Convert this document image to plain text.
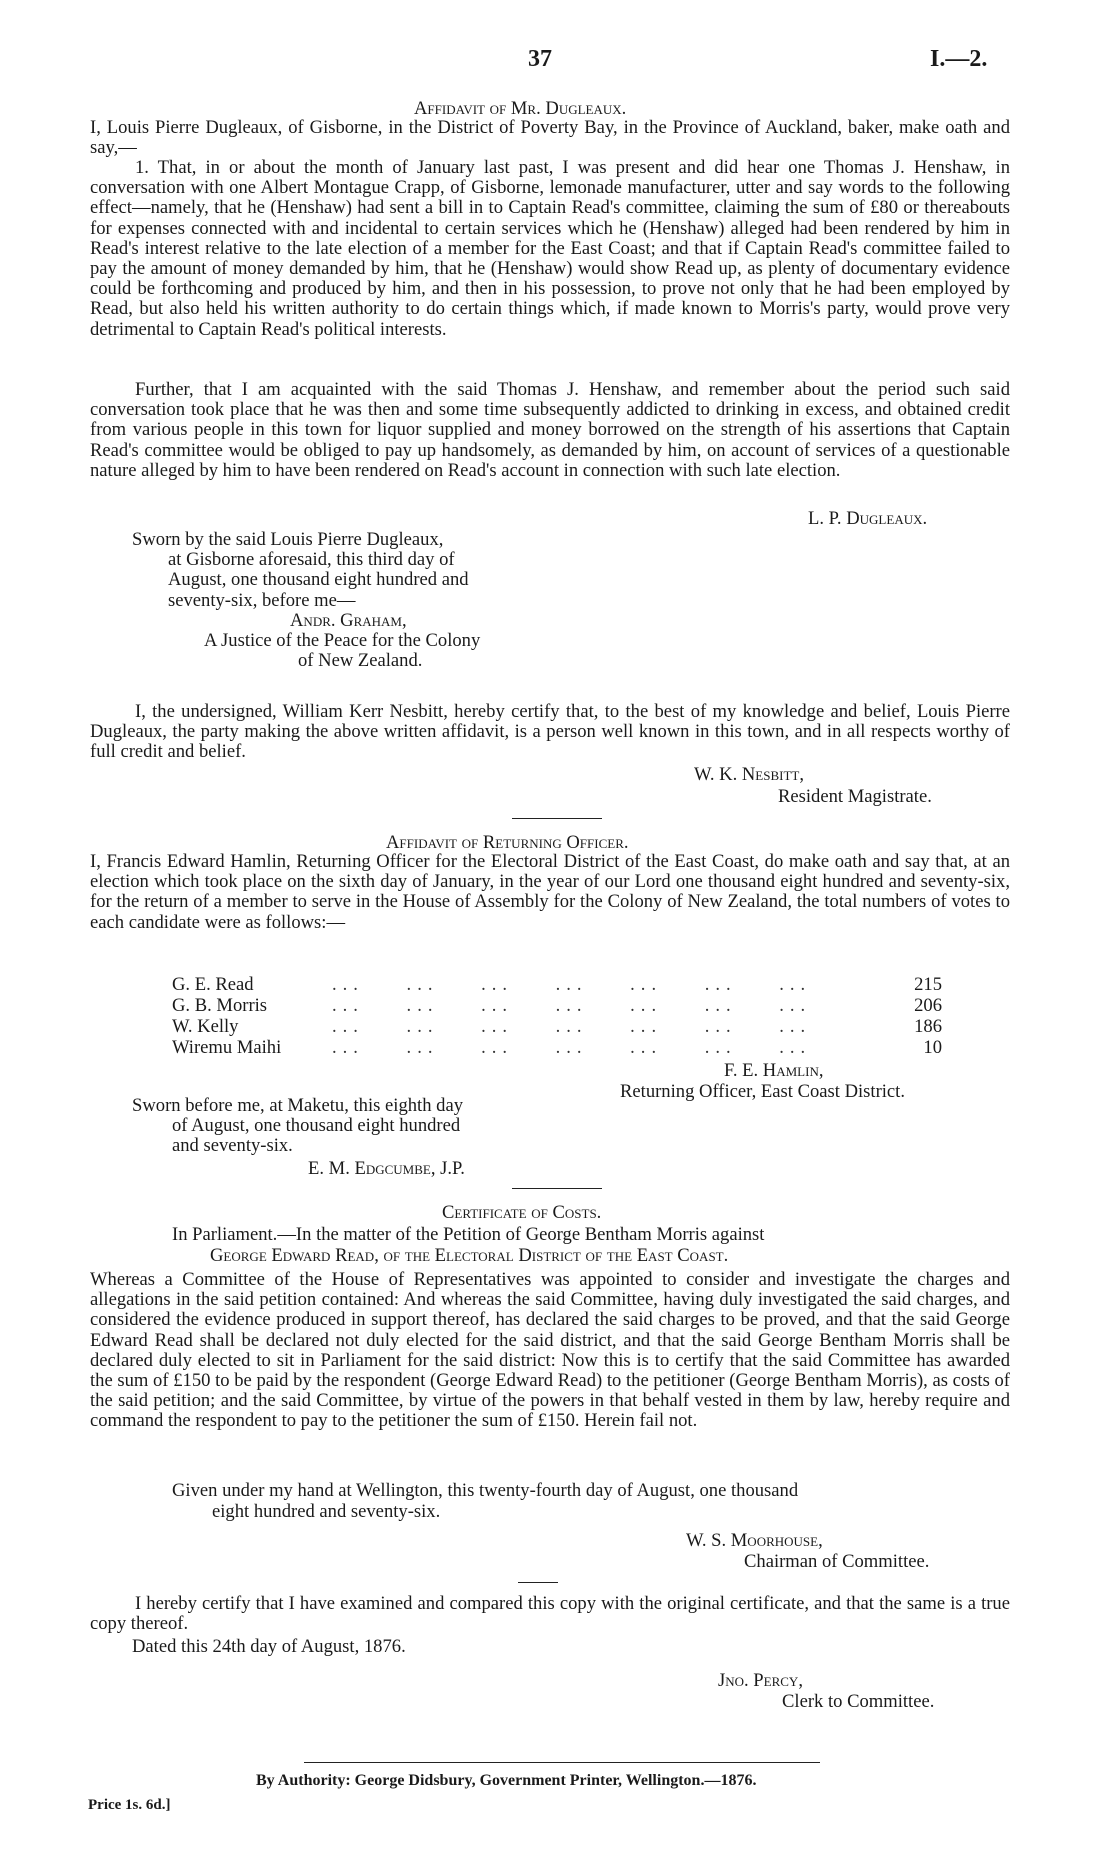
37	I.—2.
Affidavit of Mr. Dugleaux.
I, Louis Pierre Dugleaux, of Gisborne, in the District of Poverty Bay, in the Province of Auckland, baker, make oath and say,—
1. That, in or about the month of January last past, I was present and did hear one Thomas J. Henshaw, in conversation with one Albert Montague Crapp, of Gisborne, lemonade manufacturer, utter and say words to the following effect—namely, that he (Henshaw) had sent a bill in to Captain Read's committee, claiming the sum of £80 or thereabouts for expenses connected with and incidental to certain services which he (Henshaw) alleged had been rendered by him in Read's interest relative to the late election of a member for the East Coast; and that if Captain Read's committee failed to pay the amount of money demanded by him, that he (Henshaw) would show Read up, as plenty of documentary evidence could be forthcoming and produced by him, and then in his possession, to prove not only that he had been employed by Read, but also held his written authority to do certain things which, if made known to Morris's party, would prove very detrimental to Captain Read's political interests.
Further, that I am acquainted with the said Thomas J. Henshaw, and remember about the period such said conversation took place that he was then and some time subsequently addicted to drinking in excess, and obtained credit from various people in this town for liquor supplied and money borrowed on the strength of his assertions that Captain Read's committee would be obliged to pay up handsomely, as demanded by him, on account of services of a questionable nature alleged by him to have been rendered on Read's account in connection with such late election.
L. P. Dugleaux.
Sworn by the said Louis Pierre Dugleaux,
at Gisborne aforesaid, this third day of
August, one thousand eight hundred and
seventy-six, before me—
Andr. Graham,
A Justice of the Peace for the Colony
of New Zealand.
I, the undersigned, William Kerr Nesbitt, hereby certify that, to the best of my knowledge and belief, Louis Pierre Dugleaux, the party making the above written affidavit, is a person well known in this town, and in all respects worthy of full credit and belief.
W. K. Nesbitt,
Resident Magistrate.
Affidavit of Returning Officer.
I, Francis Edward Hamlin, Returning Officer for the Electoral District of the East Coast, do make oath and say that, at an election which took place on the sixth day of January, in the year of our Lord one thousand eight hundred and seventy-six, for the return of a member to serve in the House of Assembly for the Colony of New Zealand, the total numbers of votes to each candidate were as follows:—
G. E. Read	...    ...    ...    ...    ...    ...    ...	215
G. B. Morris	...    ...    ...    ...    ...    ...    ...	206
W. Kelly	...    ...    ...    ...    ...    ...    ...	186
Wiremu Maihi	...    ...    ...    ...    ...    ...    ...	10
F. E. Hamlin,
Returning Officer, East Coast District.
Sworn before me, at Maketu, this eighth day
of August, one thousand eight hundred
and seventy-six.
E. M. Edgcumbe, J.P.
Certificate of Costs.
In Parliament.—In the matter of the Petition of George Bentham Morris against
George Edward Read, of the Electoral District of the East Coast.
Whereas a Committee of the House of Representatives was appointed to consider and investigate the charges and allegations in the said petition contained: And whereas the said Committee, having duly investigated the said charges, and considered the evidence produced in support thereof, has declared the said charges to be proved, and that the said George Edward Read shall be declared not duly elected for the said district, and that the said George Bentham Morris shall be declared duly elected to sit in Parliament for the said district: Now this is to certify that the said Committee has awarded the sum of £150 to be paid by the respondent (George Edward Read) to the petitioner (George Bentham Morris), as costs of the said petition; and the said Committee, by virtue of the powers in that behalf vested in them by law, hereby require and command the respondent to pay to the petitioner the sum of £150. Herein fail not.
Given under my hand at Wellington, this twenty-fourth day of August, one thousand
eight hundred and seventy-six.
W. S. Moorhouse,
Chairman of Committee.
I hereby certify that I have examined and compared this copy with the original certificate, and that the same is a true copy thereof.
Dated this 24th day of August, 1876.
Jno. Percy,
Clerk to Committee.
By Authority: George Didsbury, Government Printer, Wellington.—1876.
Price 1s. 6d.]
